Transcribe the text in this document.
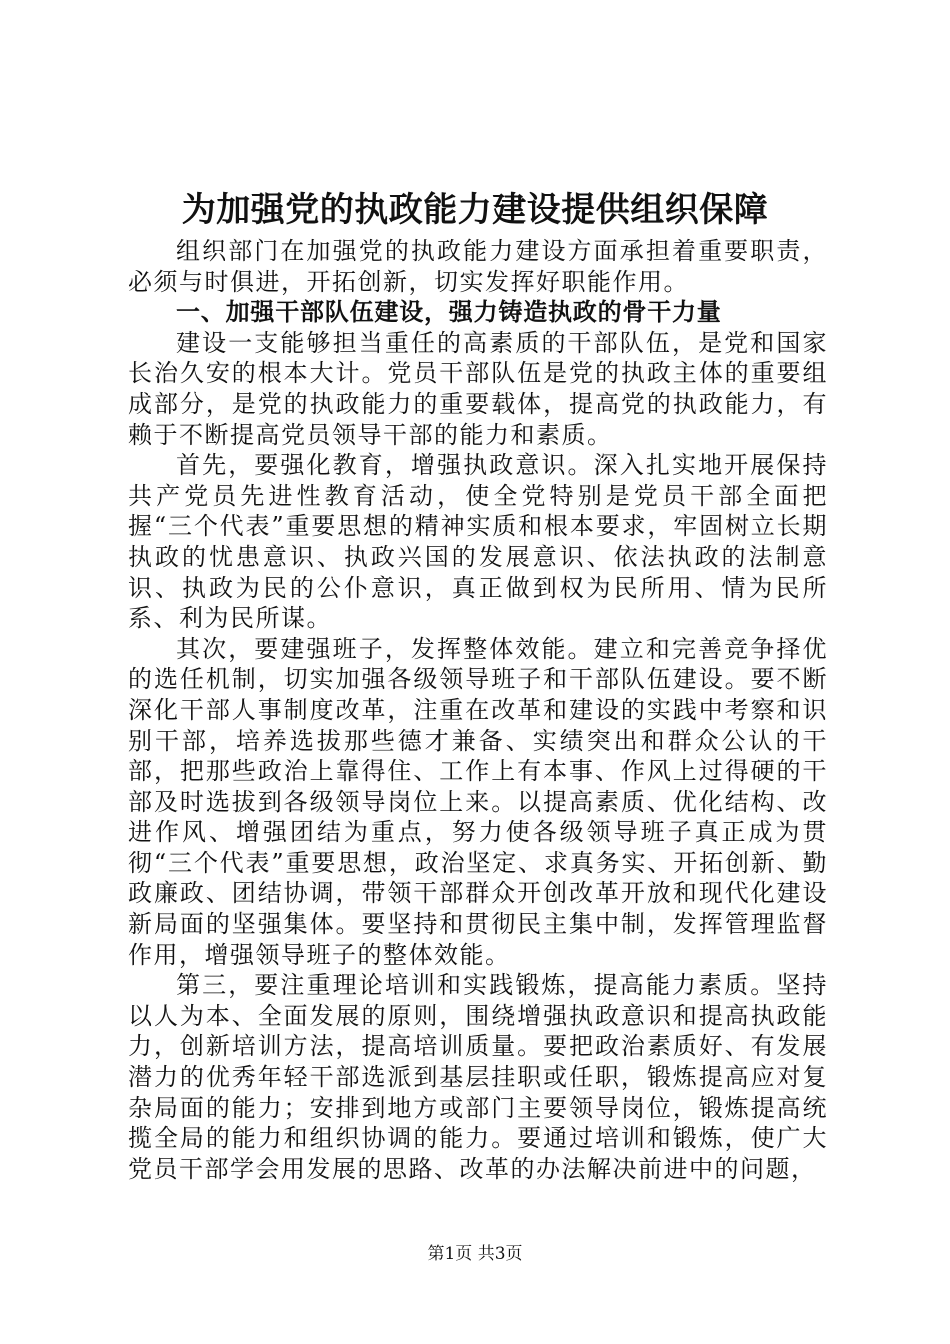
为加强党的执政能力建设提供组织保障

组织部门在加强党的执政能力建设方面承担着重要职责，必须与时俱进，开拓创新，切实发挥好职能作用。

一、加强干部队伍建设，强力铸造执政的骨干力量

建设一支能够担当重任的高素质的干部队伍，是党和国家长治久安的根本大计。党员干部队伍是党的执政主体的重要组成部分，是党的执政能力的重要载体，提高党的执政能力，有赖于不断提高党员领导干部的能力和素质。

首先，要强化教育，增强执政意识。深入扎实地开展保持共产党员先进性教育活动，使全党特别是党员干部全面把握“三个代表”重要思想的精神实质和根本要求，牢固树立长期执政的忧患意识、执政兴国的发展意识、依法执政的法制意识、执政为民的公仆意识，真正做到权为民所用、情为民所系、利为民所谋。

其次，要建强班子，发挥整体效能。建立和完善竞争择优的选任机制，切实加强各级领导班子和干部队伍建设。要不断深化干部人事制度改革，注重在改革和建设的实践中考察和识别干部，培养选拔那些德才兼备、实绩突出和群众公认的干部，把那些政治上靠得住、工作上有本事、作风上过得硬的干部及时选拔到各级领导岗位上来。以提高素质、优化结构、改进作风、增强团结为重点，努力使各级领导班子真正成为贯彻“三个代表”重要思想，政治坚定、求真务实、开拓创新、勤政廉政、团结协调，带领干部群众开创改革开放和现代化建设新局面的坚强集体。要坚持和贯彻民主集中制，发挥管理监督作用，增强领导班子的整体效能。

第三，要注重理论培训和实践锻炼，提高能力素质。坚持以人为本、全面发展的原则，围绕增强执政意识和提高执政能力，创新培训方法，提高培训质量。要把政治素质好、有发展潜力的优秀年轻干部选派到基层挂职或任职，锻炼提高应对复杂局面的能力；安排到地方或部门主要领导岗位，锻炼提高统揽全局的能力和组织协调的能力。要通过培训和锻炼，使广大党员干部学会用发展的思路、改革的办法解决前进中的问题，

第1页 共3页
